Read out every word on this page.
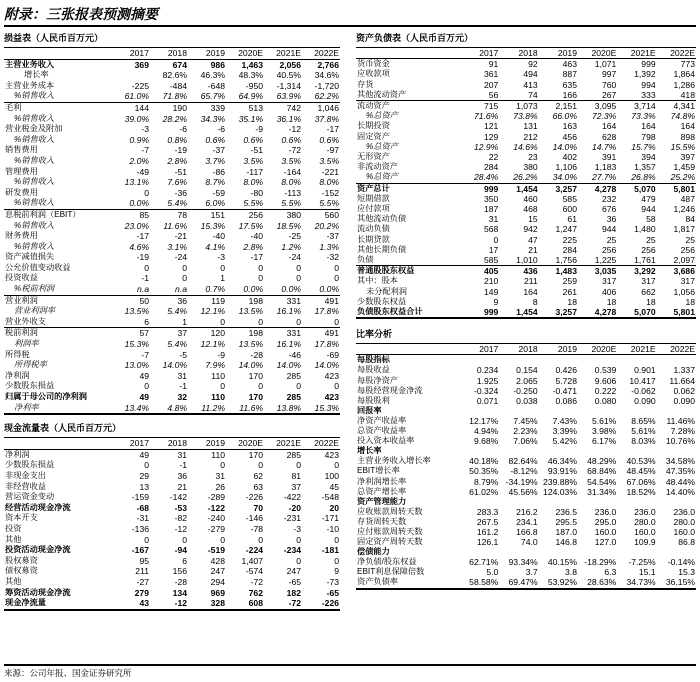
附录：三张报表预测摘要
损益表（人民币百万元）
	2017	2018	2019	2020E	2021E	2022E
主营业务收入	369	674	986	1,463	2,056	2,766
增长率		82.6%	46.3%	48.3%	40.5%	34.6%
主营业务成本	-225	-484	-648	-950	-1,314	-1,720
%销售收入	61.0%	71.8%	65.7%	64.9%	63.9%	62.2%
毛利	144	190	339	513	742	1,046
%销售收入	39.0%	28.2%	34.3%	35.1%	36.1%	37.8%
营业税金及附加	-3	-6	-6	-9	-12	-17
%销售收入	0.9%	0.8%	0.6%	0.6%	0.6%	0.6%
销售费用	-7	-19	-37	-51	-72	-97
%销售收入	2.0%	2.8%	3.7%	3.5%	3.5%	3.5%
管理费用	-49	-51	-86	-117	-164	-221
%销售收入	13.1%	7.6%	8.7%	8.0%	8.0%	8.0%
研发费用	0	-36	-59	-80	-113	-152
%销售收入	0.0%	5.4%	6.0%	5.5%	5.5%	5.5%
息税前利润（EBIT）	85	78	151	256	380	560
%销售收入	23.0%	11.6%	15.3%	17.5%	18.5%	20.2%
财务费用	-17	-21	-40	-40	-25	-37
%销售收入	4.6%	3.1%	4.1%	2.8%	1.2%	1.3%
资产减值损失	-19	-24	-3	-17	-24	-32
公允价值变动收益	0	0	0	0	0	0
投资收益	-1	0	1	0	0	0
%税前利润	n.a	n.a	0.7%	0.0%	0.0%	0.0%
营业利润	50	36	119	198	331	491
营业利润率	13.5%	5.4%	12.1%	13.5%	16.1%	17.8%
营业外收支	6	1	0	0	0	0
税前利润	57	37	120	198	331	491
利润率	15.3%	5.4%	12.1%	13.5%	16.1%	17.8%
所得税	-7	-5	-9	-28	-46	-69
所得税率	13.0%	14.0%	7.9%	14.0%	14.0%	14.0%
净利润	49	31	110	170	285	423
少数股东损益	0	-1	0	0	0	0
归属于母公司的净利润	49	32	110	170	285	423
净利率	13.4%	4.8%	11.2%	11.6%	13.8%	15.3%
现金流量表（人民币百万元）
	2017	2018	2019	2020E	2021E	2022E
净利润	49	31	110	170	285	423
少数股东损益	0	-1	0	0	0	0
非现金支出	29	36	31	62	81	100
非经营收益	13	21	26	63	37	45
营运资金变动	-159	-142	-289	-226	-422	-548
经营活动现金净流	-68	-53	-122	70	-20	20
资本开支	-31	-82	-240	-146	-231	-171
投资	-136	-12	-279	-78	-3	-10
其他	0	0	0	0	0	0
投资活动现金净流	-167	-94	-519	-224	-234	-181
股权募资	95	6	428	1,407	0	0
债权募资	211	156	247	-574	247	9
其他	-27	-28	294	-72	-65	-73
筹资活动现金净流	279	134	969	762	182	-65
现金净流量	43	-12	328	608	-72	-226
资产负债表（人民币百万元）
	2017	2018	2019	2020E	2021E	2022E
货币资金	91	92	463	1,071	999	773
应收款项	361	494	887	997	1,392	1,864
存货	207	413	635	760	994	1,286
其他流动资产	56	74	166	267	333	418
流动资产	715	1,073	2,151	3,095	3,714	4,341
%总资产	71.6%	73.8%	66.0%	72.3%	73.3%	74.8%
长期投资	121	131	163	164	164	164
固定资产	129	212	456	628	798	898
%总资产	12.9%	14.6%	14.0%	14.7%	15.7%	15.5%
无形资产	22	23	402	391	394	397
非流动资产	284	380	1,106	1,183	1,357	1,459
%总资产	28.4%	26.2%	34.0%	27.7%	26.8%	25.2%
资产总计	999	1,454	3,257	4,278	5,070	5,801
短期借款	350	460	585	232	479	487
应付款项	187	468	600	676	944	1,246
其他流动负债	31	15	61	36	58	84
流动负债	568	942	1,247	944	1,480	1,817
长期贷款	0	47	225	25	25	25
其他长期负债	17	21	284	256	256	256
负债	585	1,010	1,756	1,225	1,761	2,097
普通股股东权益	405	436	1,483	3,035	3,292	3,686
其中：股本	210	211	259	317	317	317
未分配利润	149	164	261	406	662	1,056
少数股东权益	9	8	18	18	18	18
负债股东权益合计	999	1,454	3,257	4,278	5,070	5,801
比率分析
	2017	2018	2019	2020E	2021E	2022E
每股指标						
每股收益	0.234	0.154	0.426	0.539	0.901	1.337
每股净资产	1.925	2.065	5.728	9.606	10.417	11.664
每股经营现金净流	-0.324	-0.250	-0.471	0.222	-0.062	0.062
每股股利	0.071	0.038	0.086	0.080	0.090	0.090
回报率						
净资产收益率	12.17%	7.45%	7.43%	5.61%	8.65%	11.46%
总资产收益率	4.94%	2.23%	3.39%	3.98%	5.61%	7.28%
投入资本收益率	9.68%	7.06%	5.42%	6.17%	8.03%	10.76%
增长率						
主营业务收入增长率	40.18%	82.64%	46.34%	48.29%	40.53%	34.58%
EBIT增长率	50.35%	-8.12%	93.91%	68.84%	48.45%	47.35%
净利润增长率	8.79%	-34.19%	239.88%	54.54%	67.06%	48.44%
总资产增长率	61.02%	45.56%	124.03%	31.34%	18.52%	14.40%
资产管理能力						
应收账款周转天数	283.3	216.2	236.5	236.0	236.0	236.0
存货周转天数	267.5	234.1	295.5	295.0	280.0	280.0
应付账款周转天数	161.2	166.8	187.0	160.0	160.0	160.0
固定资产周转天数	126.1	74.0	146.8	127.0	109.9	86.8
偿债能力						
净负债/股东权益	62.71%	93.34%	40.15%	-18.29%	-7.25%	-0.14%
EBIT利息保障倍数	5.0	3.7	3.8	6.3	15.1	15.3
资产负债率	58.58%	69.47%	53.92%	28.63%	34.73%	36.15%
来源：公司年报、国金证券研究所
